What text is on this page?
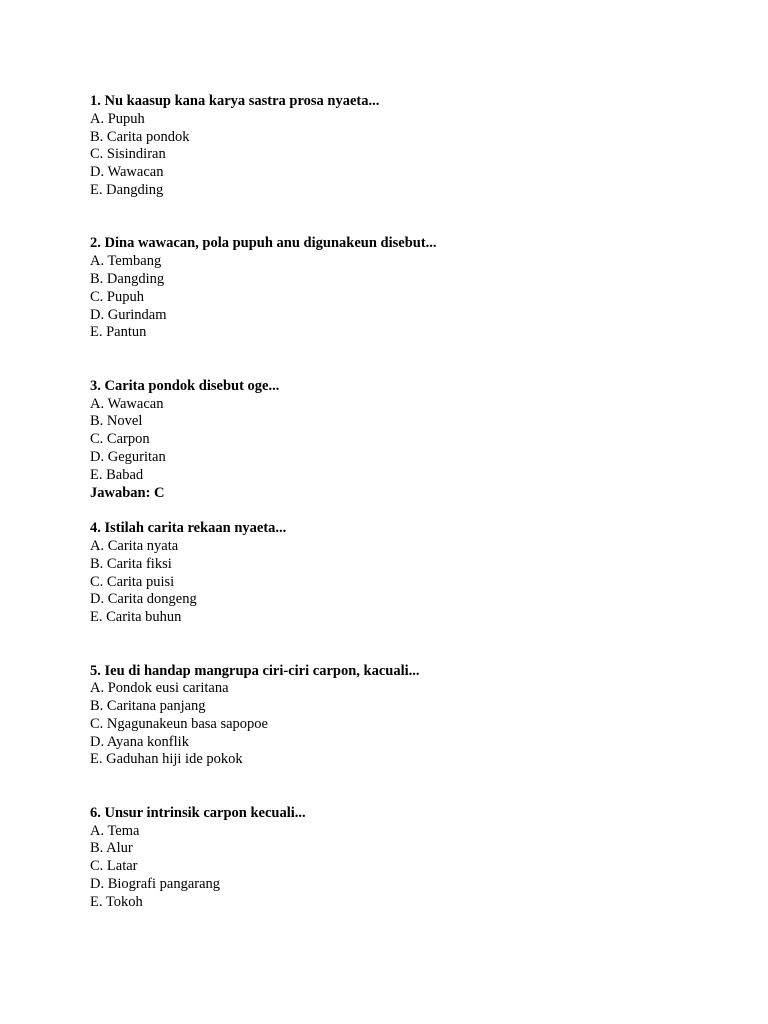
1. Nu kaasup kana karya sastra prosa nyaeta...
A. Pupuh
B. Carita pondok
C. Sisindiran
D. Wawacan
E. Dangding
2. Dina wawacan, pola pupuh anu digunakeun disebut...
A. Tembang
B. Dangding
C. Pupuh
D. Gurindam
E. Pantun
3. Carita pondok disebut oge...
A. Wawacan
B. Novel
C. Carpon
D. Geguritan
E. Babad
Jawaban: C
4. Istilah carita rekaan nyaeta...
A. Carita nyata
B. Carita fiksi
C. Carita puisi
D. Carita dongeng
E. Carita buhun
5. Ieu di handap mangrupa ciri-ciri carpon, kacuali...
A. Pondok eusi caritana
B. Caritana panjang
C. Ngagunakeun basa sapopoe
D. Ayana konflik
E. Gaduhan hiji ide pokok
6. Unsur intrinsik carpon kecuali...
A. Tema
B. Alur
C. Latar
D. Biografi pangarang
E. Tokoh
